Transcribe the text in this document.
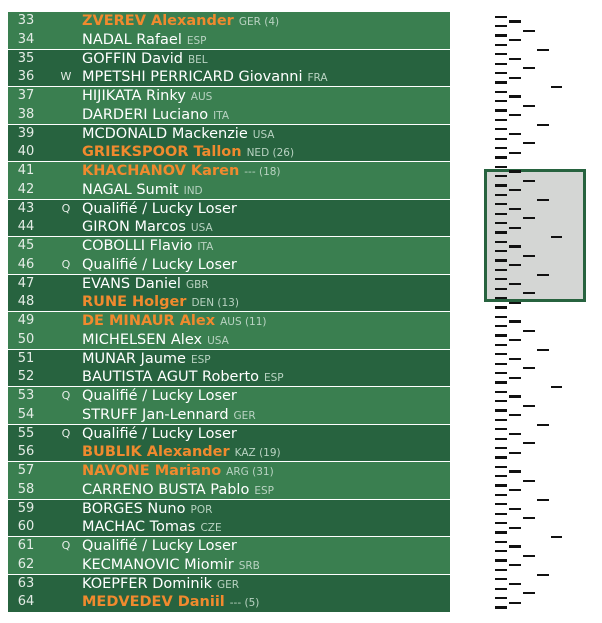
33	ZVEREV Alexander GER (4)
34	NADAL Rafael ESP
35	GOFFIN David BEL
36	W MPETSHI PERRICARD Giovanni FRA
37	HIJIKATA Rinky AUS
38	DARDERI Luciano ITA
39	MCDONALD Mackenzie USA
40	GRIEKSPOOR Tallon NED (26)
41	KHACHANOV Karen --- (18)
42	NAGAL Sumit IND
43	Q Qualifié / Lucky Loser
44	GIRON Marcos USA
45	COBOLLI Flavio ITA
46	Q Qualifié / Lucky Loser
47	EVANS Daniel GBR
48	RUNE Holger DEN (13)
49	DE MINAUR Alex AUS (11)
50	MICHELSEN Alex USA
51	MUNAR Jaume ESP
52	BAUTISTA AGUT Roberto ESP
53	Q Qualifié / Lucky Loser
54	STRUFF Jan-Lennard GER
55	Q Qualifié / Lucky Loser
56	BUBLIK Alexander KAZ (19)
57	NAVONE Mariano ARG (31)
58	CARRENO BUSTA Pablo ESP
59	BORGES Nuno POR
60	MACHAC Tomas CZE
61	Q Qualifié / Lucky Loser
62	KECMANOVIC Miomir SRB
63	KOEPFER Dominik GER
64	MEDVEDEV Daniil --- (5)
